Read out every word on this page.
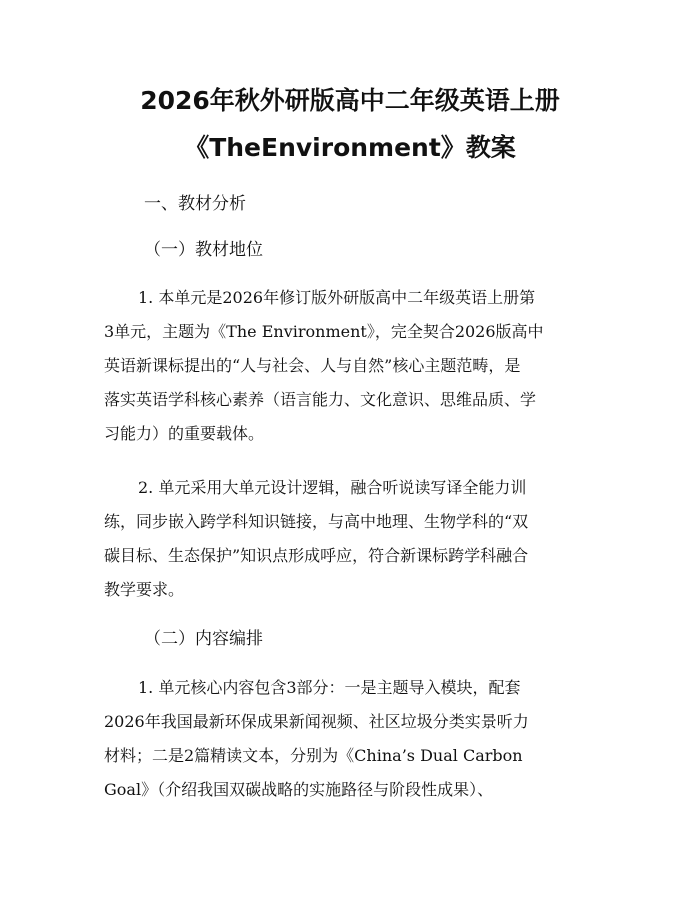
2026年秋外研版高中二年级英语上册
《TheEnvironment》教案
一、教材分析
（一）教材地位
1. 本单元是2026年修订版外研版高中二年级英语上册第
3单元，主题为《The Environment》，完全契合2026版高中
英语新课标提出的“人与社会、人与自然”核心主题范畴，是
落实英语学科核心素养（语言能力、文化意识、思维品质、学
习能力）的重要载体。
2. 单元采用大单元设计逻辑，融合听说读写译全能力训
练，同步嵌入跨学科知识链接，与高中地理、生物学科的“双
碳目标、生态保护”知识点形成呼应，符合新课标跨学科融合
教学要求。
（二）内容编排
1. 单元核心内容包含3部分：一是主题导入模块，配套
2026年我国最新环保成果新闻视频、社区垃圾分类实景听力
材料；二是2篇精读文本，分别为《China’s Dual Carbon
Goal》（介绍我国双碳战略的实施路径与阶段性成果）、
